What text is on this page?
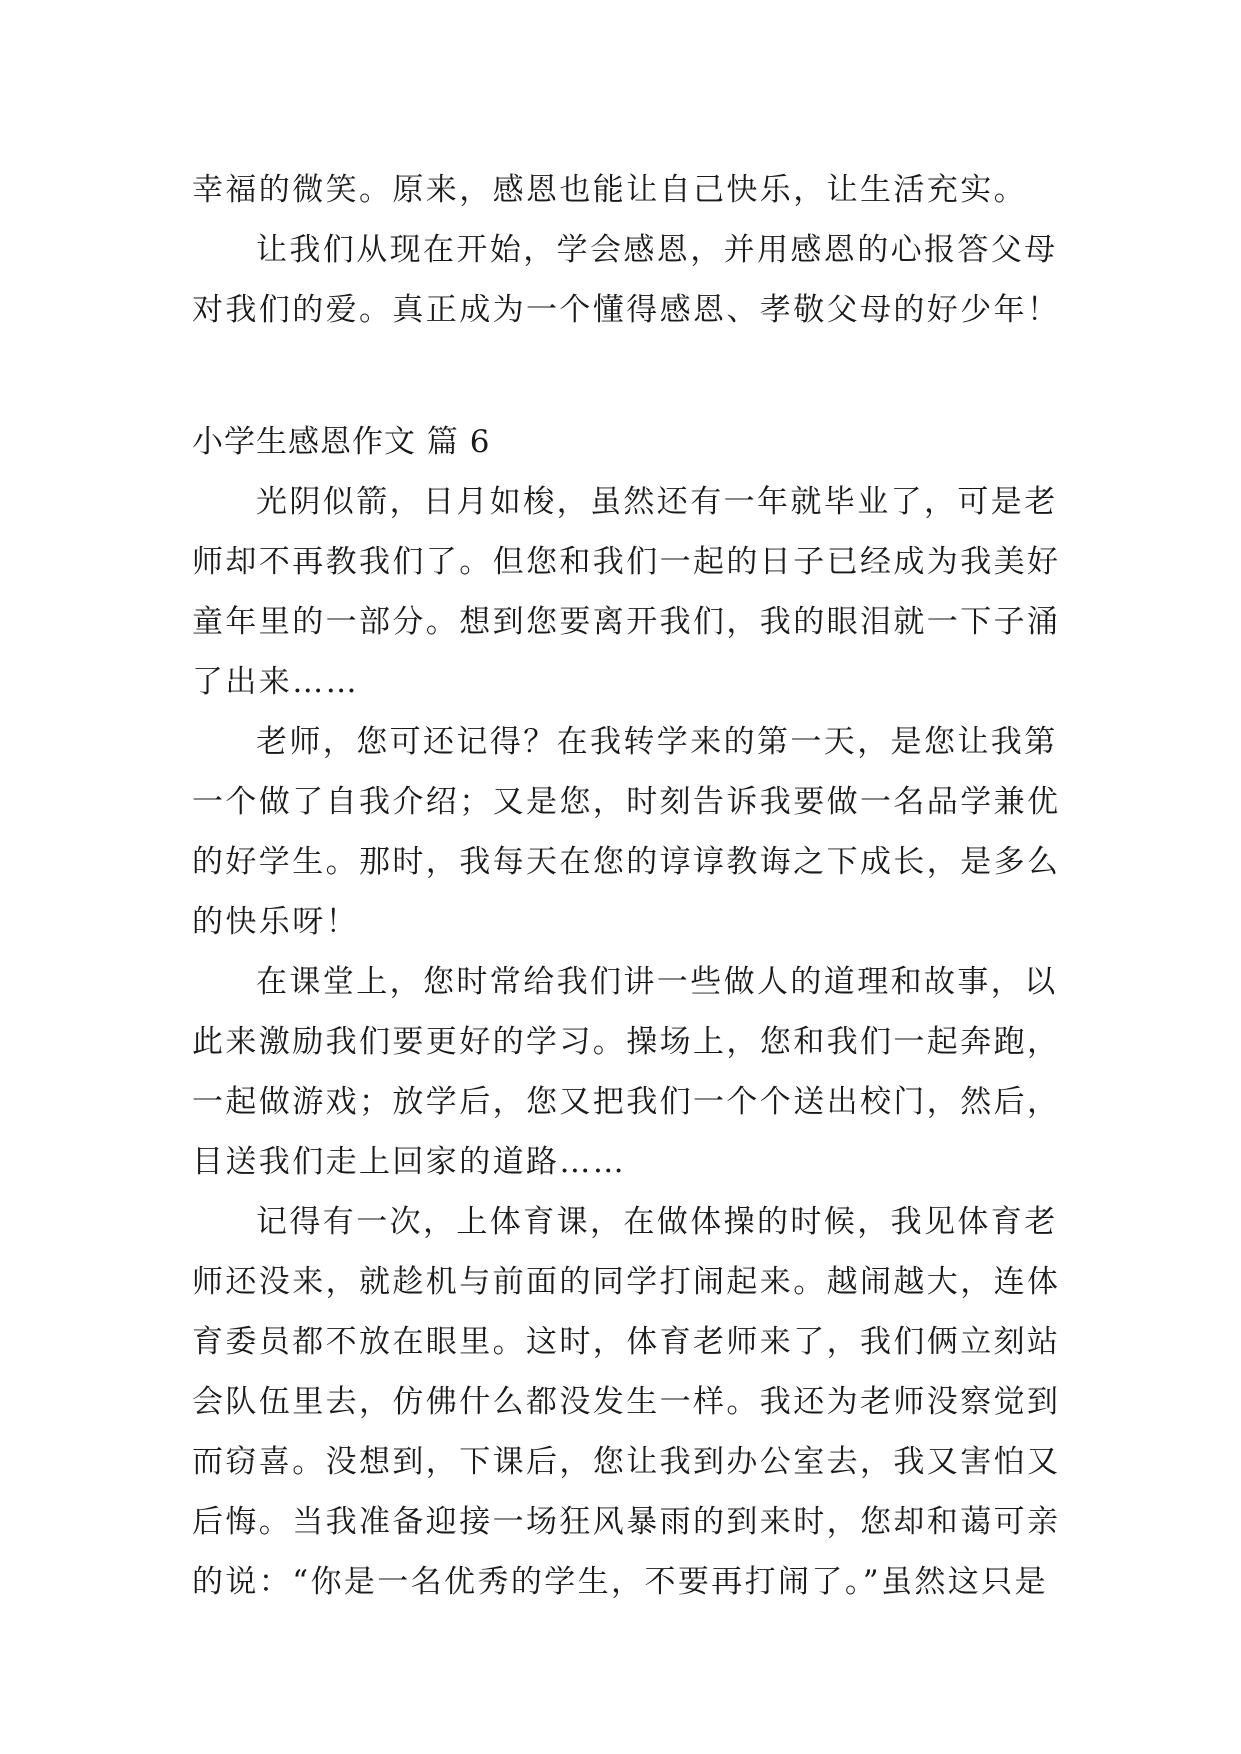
幸福的微笑。原来，感恩也能让自己快乐，让生活充实。
让我们从现在开始，学会感恩，并用感恩的心报答父母
对我们的爱。真正成为一个懂得感恩、孝敬父母的好少年！
小学生感恩作文 篇 6
光阴似箭，日月如梭，虽然还有一年就毕业了，可是老
师却不再教我们了。但您和我们一起的日子已经成为我美好
童年里的一部分。想到您要离开我们，我的眼泪就一下子涌
了出来……
老师，您可还记得？在我转学来的第一天，是您让我第
一个做了自我介绍；又是您，时刻告诉我要做一名品学兼优
的好学生。那时，我每天在您的谆谆教诲之下成长，是多么
的快乐呀！
在课堂上，您时常给我们讲一些做人的道理和故事，以
此来激励我们要更好的学习。操场上，您和我们一起奔跑，
一起做游戏；放学后，您又把我们一个个送出校门，然后，
目送我们走上回家的道路……
记得有一次，上体育课，在做体操的时候，我见体育老
师还没来，就趁机与前面的同学打闹起来。越闹越大，连体
育委员都不放在眼里。这时，体育老师来了，我们俩立刻站
会队伍里去，仿佛什么都没发生一样。我还为老师没察觉到
而窃喜。没想到，下课后，您让我到办公室去，我又害怕又
后悔。当我准备迎接一场狂风暴雨的到来时，您却和蔼可亲
的说：“你是一名优秀的学生，不要再打闹了。”虽然这只是
